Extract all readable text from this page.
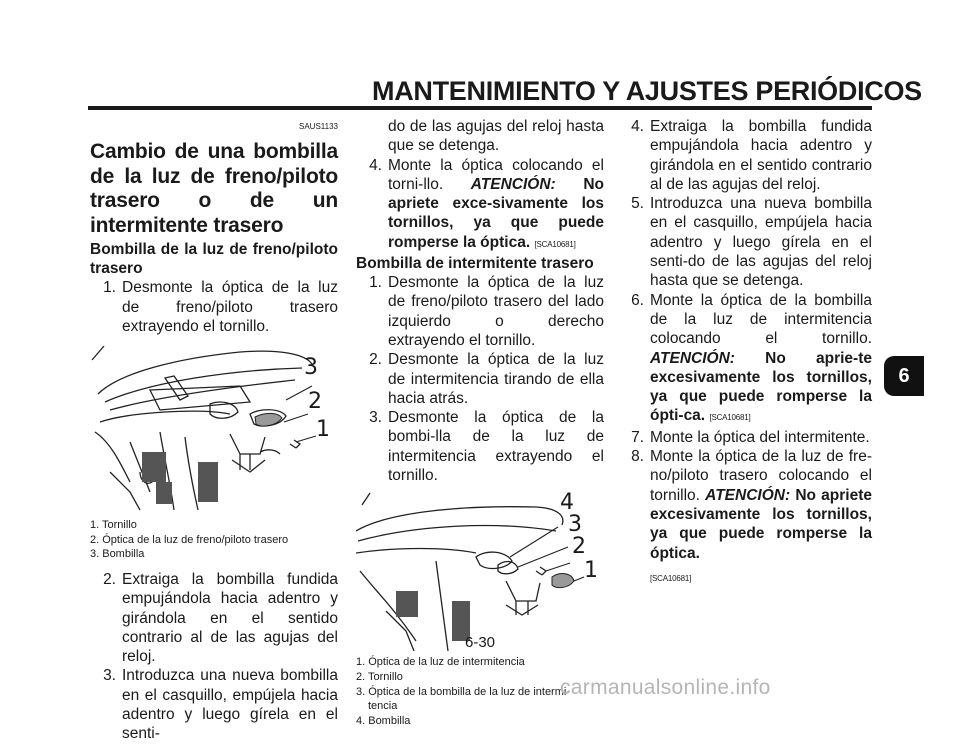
MANTENIMIENTO Y AJUSTES PERIÓDICOS
SAUS1133
Cambio de una bombilla de la luz de freno/piloto trasero o de un intermitente trasero
Bombilla de la luz de freno/piloto trasero
1. Desmonte la óptica de la luz de freno/piloto trasero extrayendo el tornillo.
3
2
1
1. Tornillo
2. Óptica de la luz de freno/piloto trasero
3. Bombilla
2. Extraiga la bombilla fundida empujándola hacia adentro y girándola en el sentido contrario al de las agujas del reloj.
3. Introduzca una nueva bombilla en el casquillo, empújela hacia adentro y luego gírela en el senti-
do de las agujas del reloj hasta que se detenga.
4. Monte la óptica colocando el torni-llo. ATENCIÓN: No apriete exce-sivamente los tornillos, ya que puede romperse la óptica. [SCA10681]
Bombilla de intermitente trasero
1. Desmonte la óptica de la luz de freno/piloto trasero del lado izquierdo o derecho extrayendo el tornillo.
2. Desmonte la óptica de la luz de intermitencia tirando de ella hacia atrás.
3. Desmonte la óptica de la bombi-lla de la luz de intermitencia extrayendo el tornillo.
4
3
2
1
1. Óptica de la luz de intermitencia
2. Tornillo
3. Óptica de la bombilla de la luz de intermi-
tencia
4. Bombilla
4. Extraiga la bombilla fundida empujándola hacia adentro y girándola en el sentido contrario al de las agujas del reloj.
5. Introduzca una nueva bombilla en el casquillo, empújela hacia adentro y luego gírela en el senti-do de las agujas del reloj hasta que se detenga.
6. Monte la óptica de la bombilla de la luz de intermitencia colocando el tornillo. ATENCIÓN: No aprie-te excesivamente los tornillos, ya que puede romperse la ópti-ca. [SCA10681]
7. Monte la óptica del intermitente.
8. Monte la óptica de la luz de fre-no/piloto trasero colocando el tornillo. ATENCIÓN: No apriete excesivamente los tornillos, ya que puede romperse la óptica.
[SCA10681]
6
6-30
carmanualsonline.info
